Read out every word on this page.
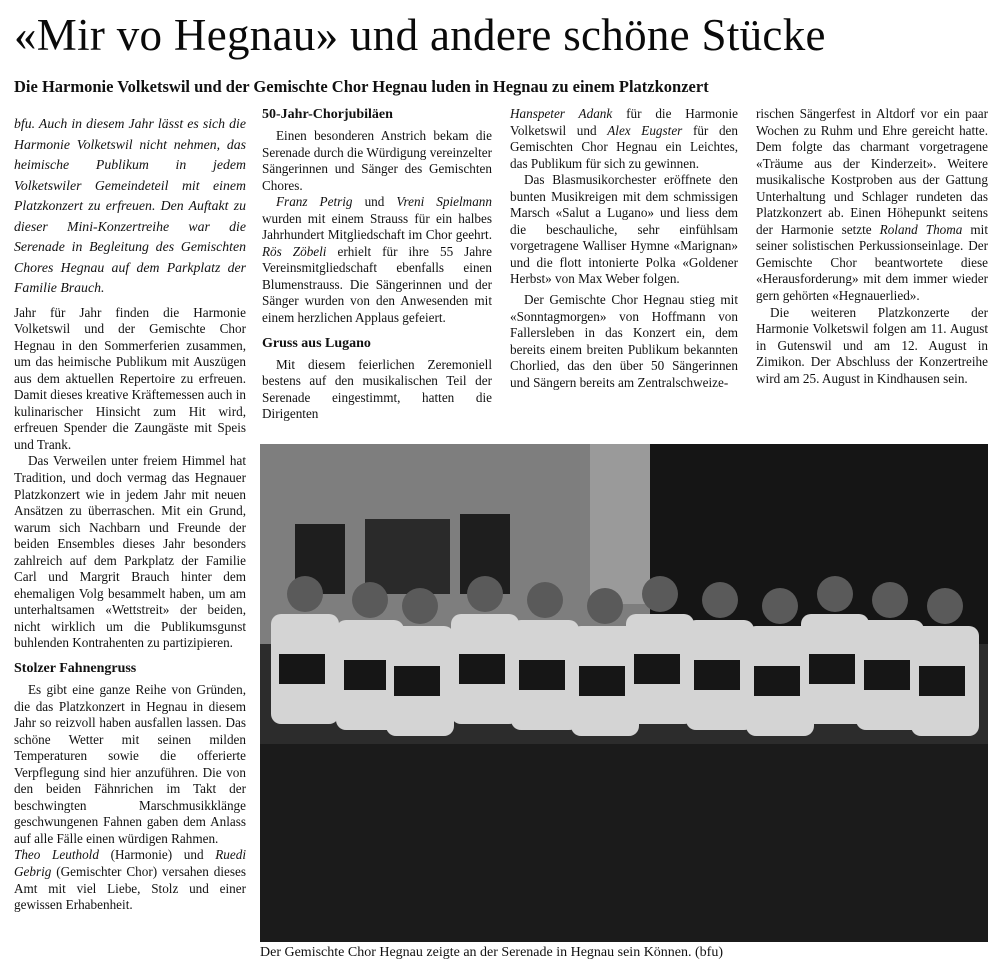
«Mir vo Hegnau» und andere schöne Stücke
Die Harmonie Volketswil und der Gemischte Chor Hegnau luden in Hegnau zu einem Platzkonzert

bfu. Auch in diesem Jahr lässt es sich die Harmonie Volketswil nicht nehmen, das heimische Publikum in jedem Volketswiler Gemeindeteil mit einem Platzkonzert zu erfreuen. Den Auftakt zu dieser Mini-Konzertreihe war die Serenade in Begleitung des Gemischten Chores Hegnau auf dem Parkplatz der Familie Brauch.

Jahr für Jahr finden die Harmonie Volketswil und der Gemischte Chor Hegnau in den Sommerferien zusammen, um das heimische Publikum mit Auszügen aus dem aktuellen Repertoire zu erfreuen. Damit dieses kreative Kräftemessen auch in kulinarischer Hinsicht zum Hit wird, erfreuen Spender die Zaungäste mit Speis und Trank.

Das Verweilen unter freiem Himmel hat Tradition, und doch vermag das Hegnauer Platzkonzert wie in jedem Jahr mit neuen Ansätzen zu überraschen. Mit ein Grund, warum sich Nachbarn und Freunde der beiden Ensembles dieses Jahr besonders zahlreich auf dem Parkplatz der Familie Carl und Margrit Brauch hinter dem ehemaligen Volg besammelt haben, um am unterhaltsamen «Wettstreit» der beiden, nicht wirklich um die Publikumsgunst buhlenden Kontrahenten zu partizipieren.

Stolzer Fahnengruss

Es gibt eine ganze Reihe von Gründen, die das Platzkonzert in Hegnau in diesem Jahr so reizvoll haben ausfallen lassen. Das schöne Wetter mit seinen milden Temperaturen sowie die offerierte Verpflegung sind hier anzuführen. Die von den beiden Fähnrichen im Takt der beschwingten Marschmusikklänge geschwungenen Fahnen gaben dem Anlass auf alle Fälle einen würdigen Rahmen.

Theo Leuthold (Harmonie) und Ruedi Gebrig (Gemischter Chor) versahen dieses Amt mit viel Liebe, Stolz und einer gewissen Erhabenheit.

50-Jahr-Chorjubiläen

Einen besonderen Anstrich bekam die Serenade durch die Würdigung vereinzelter Sängerinnen und Sänger des Gemischten Chores.

Franz Petrig und Vreni Spielmann wurden mit einem Strauss für ein halbes Jahrhundert Mitgliedschaft im Chor geehrt. Rös Zöbeli erhielt für ihre 55 Jahre Vereinsmitgliedschaft ebenfalls einen Blumenstrauss. Die Sängerinnen und der Sänger wurden von den Anwesenden mit einem herzlichen Applaus gefeiert.

Gruss aus Lugano

Mit diesem feierlichen Zeremoniell bestens auf den musikalischen Teil der Serenade eingestimmt, hatten die Dirigenten

Hanspeter Adank für die Harmonie Volketswil und Alex Eugster für den Gemischten Chor Hegnau ein Leichtes, das Publikum für sich zu gewinnen.

Das Blasmusikorchester eröffnete den bunten Musikreigen mit dem schmissigen Marsch «Salut a Lugano» und liess dem die beschauliche, sehr einfühlsam vorgetragene Walliser Hymne «Marignan» und die flott intonierte Polka «Goldener Herbst» von Max Weber folgen.

Der Gemischte Chor Hegnau stieg mit «Sonntagmorgen» von Hoffmann von Fallersleben in das Konzert ein, dem bereits einem breiten Publikum bekannten Chorlied, das den über 50 Sängerinnen und Sängern bereits am Zentralschweize-

rischen Sängerfest in Altdorf vor ein paar Wochen zu Ruhm und Ehre gereicht hatte. Dem folgte das charmant vorgetragene «Träume aus der Kinderzeit». Weitere musikalische Kostproben aus der Gattung Unterhaltung und Schlager rundeten das Platzkonzert ab. Einen Höhepunkt seitens der Harmonie setzte Roland Thoma mit seiner solistischen Perkussionseinlage. Der Gemischte Chor beantwortete diese «Herausforderung» mit dem immer wieder gern gehörten «Hegnauerlied».

Die weiteren Platzkonzerte der Harmonie Volketswil folgen am 11. August in Gutenswil und am 12. August in Zimikon. Der Abschluss der Konzertreihe wird am 25. August in Kindhausen sein.

Der Gemischte Chor Hegnau zeigte an der Serenade in Hegnau sein Können. (bfu)
